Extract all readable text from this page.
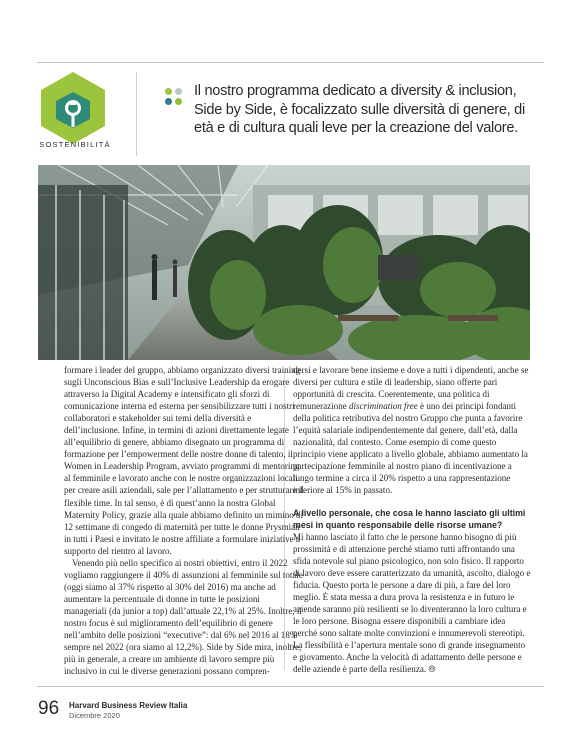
SOSTENIBILITÀ
Il nostro programma dedicato a diversity & inclusion, Side by Side, è focalizzato sulle diversità di genere, di età e di cultura quali leve per la creazione del valore.

formare i leader del gruppo, abbiamo organizzato diversi training sugli Unconscious Bias e sull’Inclusive Leadership da erogare attraverso la Digital Academy e intensificato gli sforzi di comunicazione interna ed esterna per sensibilizzare tutti i nostri collaboratori e stakeholder sui temi della diversità e dell’inclusione. Infine, in termini di azioni direttamente legate all’equilibrio di genere, abbiamo disegnato un programma di formazione per l’empowerment delle nostre donne di talento, il Women in Leadership Program, avviato programmi di mentoring al femminile e lavorato anche con le nostre organizzazioni locali per creare asili aziendali, sale per l’allattamento e per strutturare il flexible time. In tal senso, è di quest’anno la nostra Global Maternity Policy, grazie alla quale abbiamo definito un mimino di 12 settimane di congedo di maternità per tutte le donne Prysmian in tutti i Paesi e invitato le nostre affiliate a formulare iniziative a supporto del rientro al lavoro.

Venendo più nello specifico ai nostri obiettivi, entro il 2022 vogliamo raggiungere il 40% di assunzioni al femminile sul totale (oggi siamo al 37% rispetto al 30% del 2016) ma anche ad aumentare la percentuale di donne in tutte le posizioni manageriali (da junior a top) dall’attuale 22,1% al 25%. Inoltre, il nostro focus è sul miglioramento dell’equilibrio di genere nell’ambito delle posizioni “executive”: dal 6% nel 2016 al 18% sempre nel 2022 (ora siamo al 12,2%). Side by Side mira, inoltre, più in generale, a creare un ambiente di lavoro sempre più inclusivo in cui le diverse generazioni possano compren-

dersi e lavorare bene insieme e dove a tutti i dipendenti, anche se diversi per cultura e stile di leadership, siano offerte pari opportunità di crescita. Coerentemente, una politica di remunerazione discrimination free è uno dei principi fondanti della politica retributiva del nostro Gruppo che punta a favorire l’equità salariale indipendentemente dal genere, dall’età, dalla nazionalità, dal contesto. Come esempio di come questo principio viene applicato a livello globale, abbiamo aumentato la partecipazione femminile al nostro piano di incentivazione a lungo termine a circa il 20% rispetto a una rappresentazione inferiore al 15% in passato.

A livello personale, che cosa le hanno lasciato gli ultimi mesi in quanto responsabile delle risorse umane?

Mi hanno lasciato il fatto che le persone hanno bisogno di più prossimità e di attenzione perché stiamo tutti affrontando una sfida notevole sul piano psicologico, non solo fisico. Il rapporto di lavoro deve essere caratterizzato da umanità, ascolto, dialogo e fiducia. Questo porta le persone a dare di più, a fare del loro meglio. È stata messa a dura prova la resistenza e in futuro le aziende saranno più resilienti se lo diventeranno la loro cultura e le loro persone. Bisogna essere disponibili a cambiare idea perché sono saltate molte convinzioni e innumerevoli stereotipi. La flessibilità e l’apertura mentale sono di grande insegnamento e giovamento. Anche la velocità di adattamento delle persone e delle aziende è parte della resilienza. ⦾

96 Harvard Business Review Italia
Dicembre 2020
